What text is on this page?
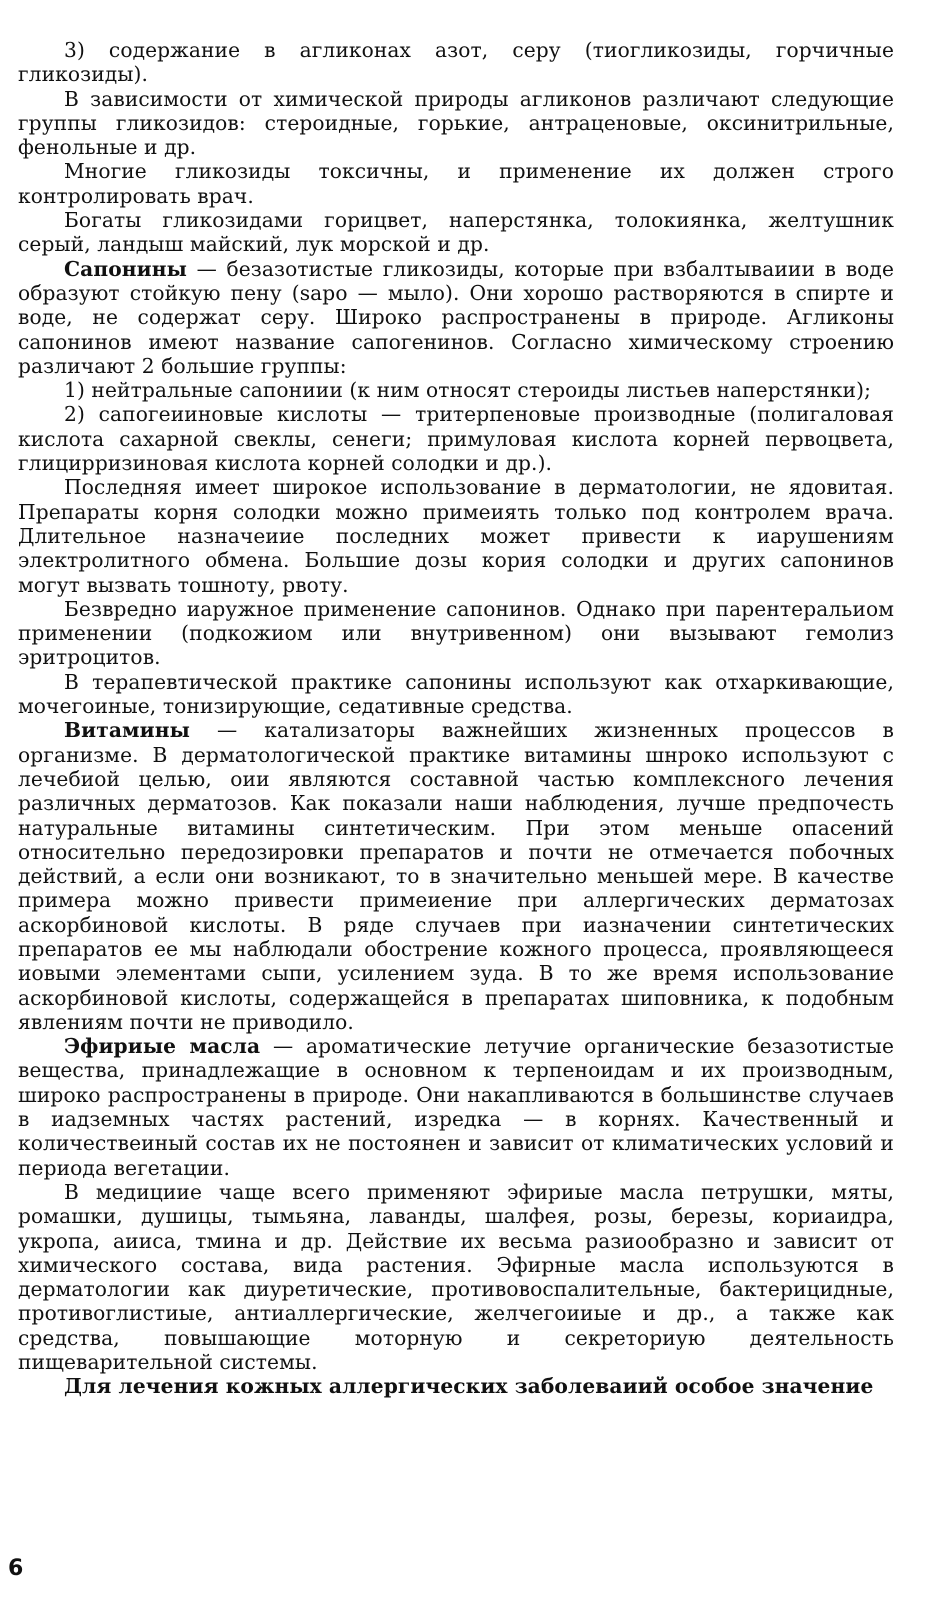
3) содержание в агликонах азот, серу (тиогликозиды, горчичные гликозиды).

В зависимости от химической природы агликонов различают следующие группы гликозидов: стероидные, горькие, антраценовые, оксинитрильные, фенольные и др.

Многие гликозиды токсичны, и применение их должен строго контролировать врач.

Богаты гликозидами горицвет, наперстянка, толокиянка, желтушник серый, ландыш майский, лук морской и др.

Сапонины — безазотистые гликозиды, которые при взбалтываиии в воде образуют стойкую пену (sapo — мыло). Они хорошо растворяются в спирте и воде, не содержат серу. Широко распространены в природе. Агликоны сапонинов имеют название сапогенинов. Согласно химическому строению различают 2 большие группы:

1) нейтральные сапониии (к ним относят стероиды листьев наперстянки);

2) сапогеииновые кислоты — тритерпеновые производные (полигаловая кислота сахарной свеклы, сенеги; примуловая кислота корней первоцвета, глицирризиновая кислота корней солодки и др.).

Последняя имеет широкое использование в дерматологии, не ядовитая. Препараты корня солодки можно примеиять только под контролем врача. Длительное назначеиие последних может привести к иарушениям электролитного обмена. Большие дозы кория солодки и других сапонинов могут вызвать тошноту, рвоту.

Безвредно иаружное применение сапонинов. Однако при парентеральиом применении (подкожиом или внутривенном) они вызывают гемолиз эритроцитов.

В терапевтической практике сапонины используют как отхаркивающие, мочегоиные, тонизирующие, седативные средства.

Витамины — катализаторы важнейших жизненных процессов в организме. В дерматологической практике витамины шнроко используют с лечебиой целью, оии являются составной частью комплексного лечения различных дерматозов. Как показали наши наблюдения, лучше предпочесть натуральные витамины синтетическим. При этом меньше опасений относительно передозировки препаратов и почти не отмечается побочных действий, а если они возникают, то в значительно меньшей мере. В качестве примера можно привести примеиение при аллергических дерматозах аскорбиновой кислоты. В ряде случаев при иазначении синтетических препаратов ее мы наблюдали обострение кожного процесса, проявляющееся иовыми элементами сыпи, усилением зуда. В то же время использование аскорбиновой кислоты, содержащейся в препаратах шиповника, к подобным явлениям почти не приводило.

Эфириые масла — ароматические летучие органические безазотистые вещества, принадлежащие в основном к терпеноидам и их производным, широко распространены в природе. Они накапливаются в большинстве случаев в иадземных частях растений, изредка — в корнях. Качественный и количествеиный состав их не постоянен и зависит от климатических условий и периода вегетации.

В медициие чаще всего применяют эфириые масла петрушки, мяты, ромашки, душицы, тымьяна, лаванды, шалфея, розы, березы, кориаидра, укропа, аииса, тмина и др. Действие их весьма разиообразно и зависит от химического состава, вида растения. Эфирные масла используются в дерматологии как диуретические, противовоспалительные, бактерицидные, противоглистиые, антиаллергические, желчегоииые и др., а также как средства, повышающие моторную и секреториую деятельность пищеварительной системы.

Для лечения кожных аллергических заболеваиий особое значение

6
